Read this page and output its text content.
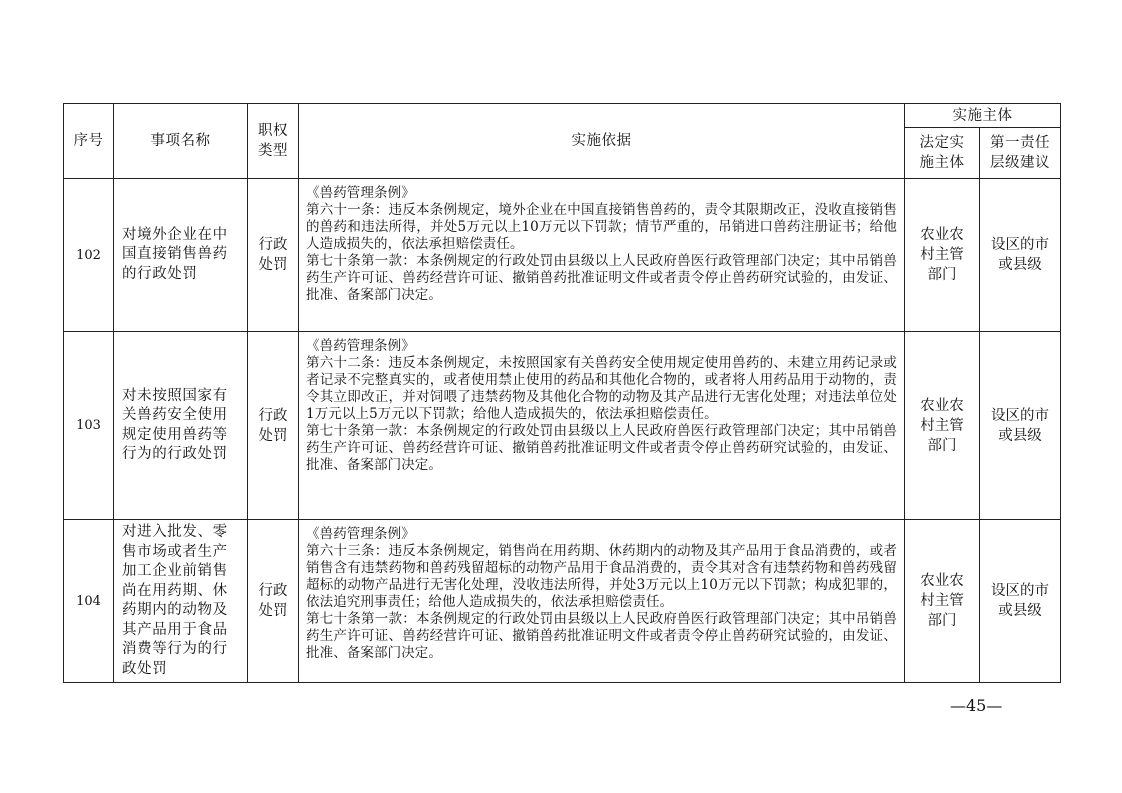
序号	事项名称	职权类型	实施依据	实施主体	

				法定实施主体	第一责任层级建议

102	对境外企业在中国直接销售兽药的行政处罚	行政处罚	《兽药管理条例》

第六十一条：违反本条例规定，境外企业在中国直接销售兽药的，责令其限期改正，没收直接销售的兽药和违法所得，并处5万元以上10万元以下罚款；情节严重的，吊销进口兽药注册证书；给他人造成损失的，依法承担赔偿责任。

第七十条第一款：本条例规定的行政处罚由县级以上人民政府兽医行政管理部门决定；其中吊销兽药生产许可证、兽药经营许可证、撤销兽药批准证明文件或者责令停止兽药研究试验的，由发证、批准、备案部门决定。	农业农村主管部门	设区的市或县级

103	对未按照国家有关兽药安全使用规定使用兽药等行为的行政处罚	行政处罚	《兽药管理条例》

第六十二条：违反本条例规定，未按照国家有关兽药安全使用规定使用兽药的、未建立用药记录或者记录不完整真实的，或者使用禁止使用的药品和其他化合物的，或者将人用药品用于动物的，责令其立即改正，并对饲喂了违禁药物及其他化合物的动物及其产品进行无害化处理；对违法单位处1万元以上5万元以下罚款；给他人造成损失的，依法承担赔偿责任。

第七十条第一款：本条例规定的行政处罚由县级以上人民政府兽医行政管理部门决定；其中吊销兽药生产许可证、兽药经营许可证、撤销兽药批准证明文件或者责令停止兽药研究试验的，由发证、批准、备案部门决定。	农业农村主管部门	设区的市或县级

104	对进入批发、零售市场或者生产加工企业前销售尚在用药期、休药期内的动物及其产品用于食品消费等行为的行政处罚	行政处罚	《兽药管理条例》

第六十三条：违反本条例规定，销售尚在用药期、休药期内的动物及其产品用于食品消费的，或者销售含有违禁药物和兽药残留超标的动物产品用于食品消费的，责令其对含有违禁药物和兽药残留超标的动物产品进行无害化处理，没收违法所得，并处3万元以上10万元以下罚款；构成犯罪的，依法追究刑事责任；给他人造成损失的，依法承担赔偿责任。

第七十条第一款：本条例规定的行政处罚由县级以上人民政府兽医行政管理部门决定；其中吊销兽药生产许可证、兽药经营许可证、撤销兽药批准证明文件或者责令停止兽药研究试验的，由发证、批准、备案部门决定。	农业农村主管部门	设区的市或县级
—45—
